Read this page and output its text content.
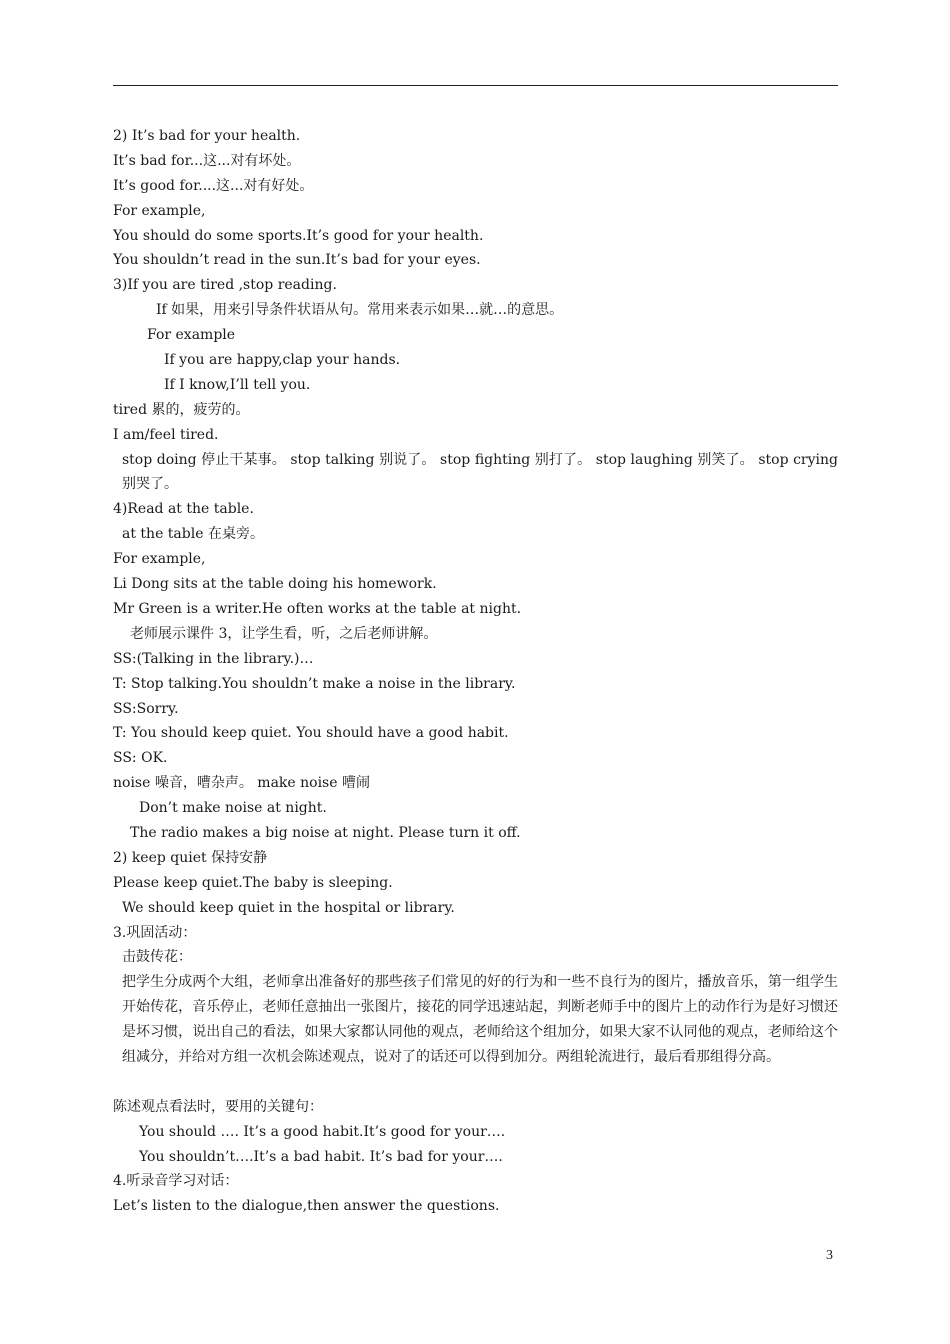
2) It’s bad for your health.
It’s bad for...这...对有坏处。
It’s good for....这...对有好处。
For example,
You should do some sports.It’s good for your health.
You shouldn’t read in the sun.It’s bad for your eyes.
3)If you are tired ,stop reading.
If 如果，用来引导条件状语从句。常用来表示如果…就…的意思。
For example
If you are happy,clap your hands.
If I know,I’ll tell you.
tired 累的，疲劳的。
I am/feel tired.
stop doing 停止干某事。 stop talking 别说了。 stop fighting 别打了。 stop laughing 别笑了。 stop crying 别哭了。
4)Read at the table.
at the table 在桌旁。
For example,
Li Dong sits at the table doing his homework.
Mr Green is a writer.He often works at the table at night.
老师展示课件 3，让学生看，听，之后老师讲解。
SS:(Talking in the library.)…
T: Stop talking.You shouldn’t make a noise in the library.
SS:Sorry.
T: You should keep quiet. You should have a good habit.
SS: OK.
noise 噪音，嘈杂声。 make noise 嘈闹
Don’t make noise at night.
The radio makes a big noise at night. Please turn it off.
2) keep quiet 保持安静
Please keep quiet.The baby is sleeping.
We should keep quiet in the hospital or library.
3.巩固活动：
击鼓传花：
把学生分成两个大组，老师拿出准备好的那些孩子们常见的好的行为和一些不良行为的图片，播放音乐，第一组学生开始传花，音乐停止，老师任意抽出一张图片，接花的同学迅速站起，判断老师手中的图片上的动作行为是好习惯还是坏习惯，说出自己的看法，如果大家都认同他的观点，老师给这个组加分，如果大家不认同他的观点，老师给这个组减分，并给对方组一次机会陈述观点，说对了的话还可以得到加分。两组轮流进行，最后看那组得分高。
陈述观点看法时，要用的关键句：
You should …. It’s a good habit.It’s good for your….
You shouldn’t….It’s a bad habit. It’s bad for your….
4.听录音学习对话：
Let’s listen to the dialogue,then answer the questions.
3
